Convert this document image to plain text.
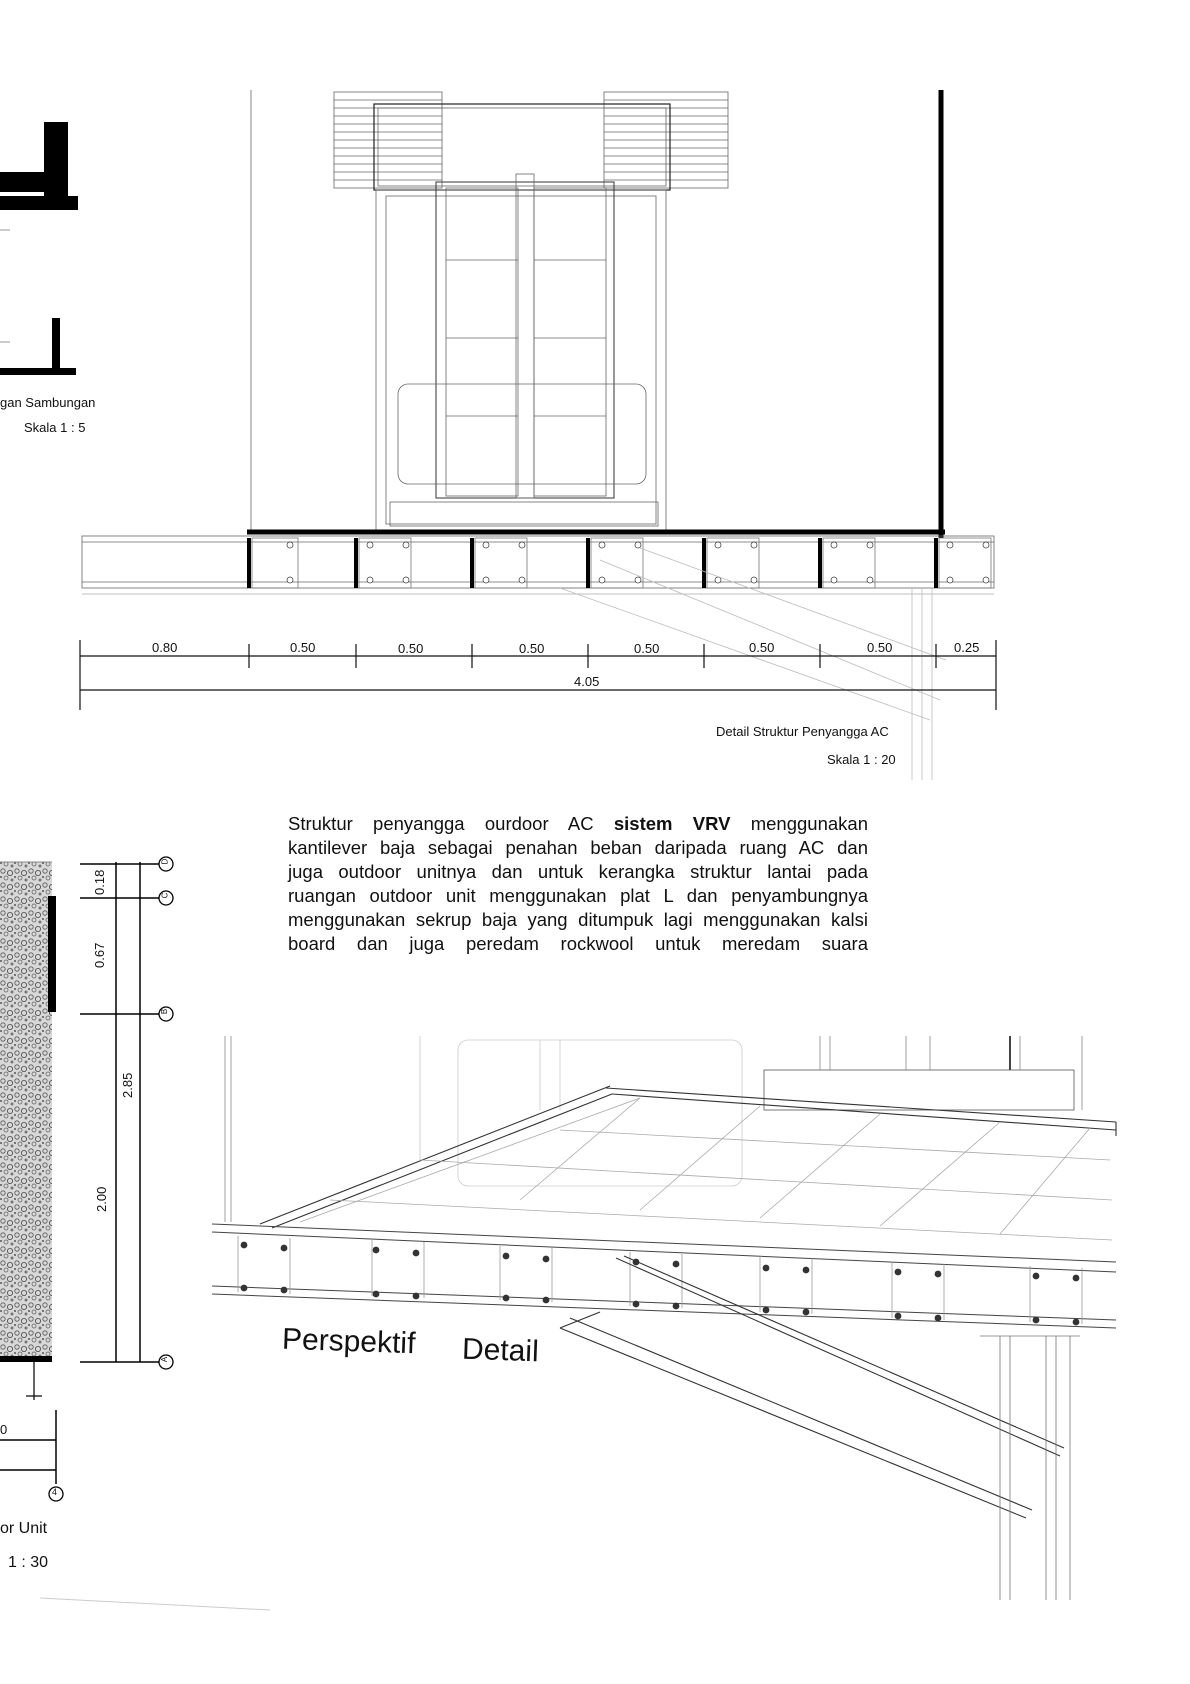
gan Sambungan
Skala 1 : 5
0.80	0.50	0.50	0.50	0.50	0.50	0.50	0.25
4.05
Detail Struktur Penyangga AC
Skala 1 : 20
0.18
0.67
2.85
2.00
D
C
B
A
4
0
or Unit
1 : 30
Struktur penyangga ourdoor AC sistem VRV menggunakan
kantilever baja sebagai penahan beban daripada ruang AC dan
juga outdoor unitnya dan untuk kerangka struktur lantai pada
ruangan outdoor unit menggunakan plat L dan penyambungnya
menggunakan sekrup baja yang ditumpuk lagi menggunakan kalsi
board dan juga peredam rockwool untuk meredam suara
Perspektif Detail
